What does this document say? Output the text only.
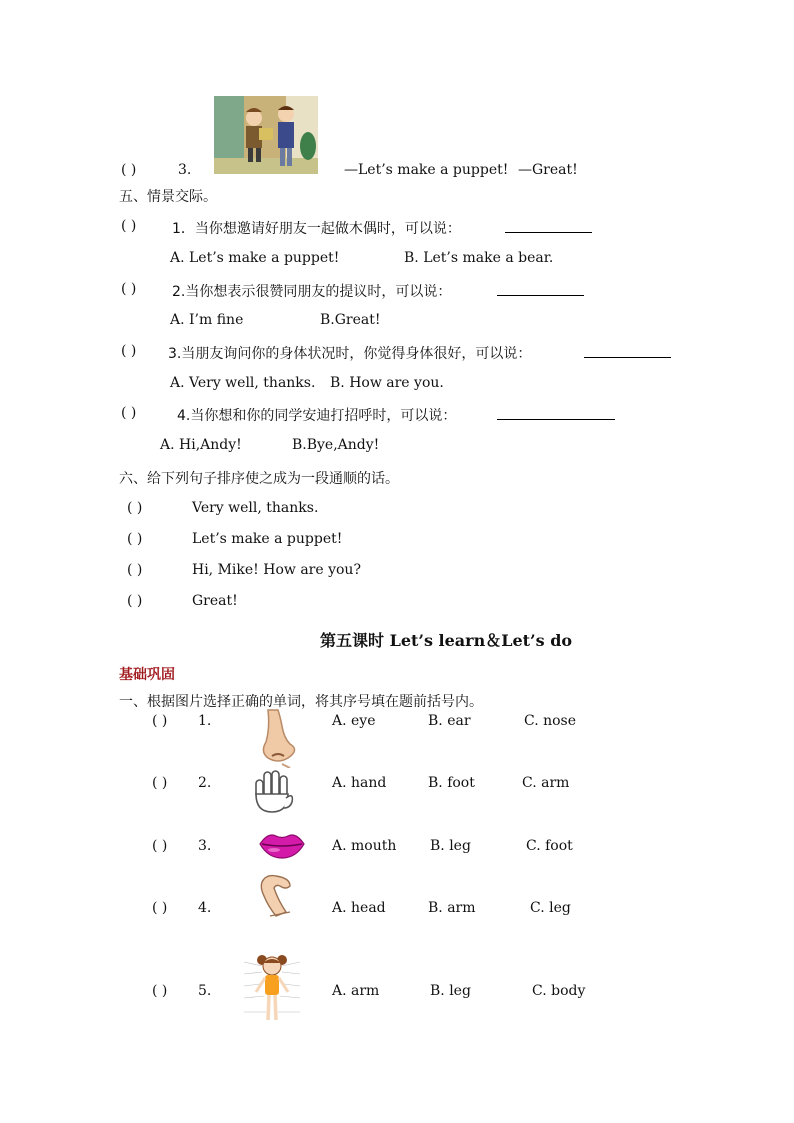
( )	3.	—Let’s make a puppet! —Great!
五、情景交际。
( )	1．当你想邀请好朋友一起做木偶时，可以说：
A. Let’s make a puppet!	B. Let’s make a bear.
( )	2.当你想表示很赞同朋友的提议时，可以说：
A. I’m fine	B.Great!
( ) 3.当朋友询问你的身体状况时，你觉得身体很好，可以说：
A. Very well, thanks. B. How are you.
( )	4.当你想和你的同学安迪打招呼时，可以说：
A. Hi,Andy!	B.Bye,Andy!
六、给下列句子排序使之成为一段通顺的话。
( )	Very well, thanks.
( )	Let’s make a puppet!
( )	Hi, Mike! How are you?
( )	Great!
第五课时 Let’s learn＆Let’s do
基础巩固
一、根据图片选择正确的单词，将其序号填在题前括号内。
( ) 1.	A. eye	B. ear	C. nose
( ) 2.	A. hand	B. foot	C. arm
( ) 3.	A. mouth B. leg	C. foot
( ) 4.	A. head	B. arm	C. leg
( ) 5.	A. arm	B. leg	C. body
